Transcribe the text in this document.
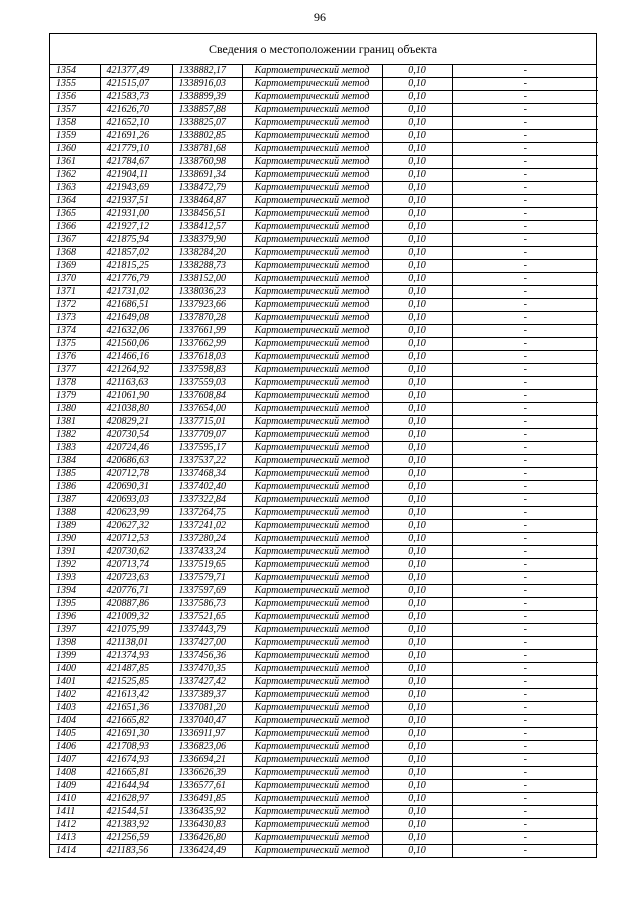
96
Сведения о местоположении границ объекта
1354	421377,49	1338882,17	Картометрический метод	0,10	-
1355	421515,07	1338916,03	Картометрический метод	0,10	-
1356	421583,73	1338899,39	Картометрический метод	0,10	-
1357	421626,70	1338857,88	Картометрический метод	0,10	-
1358	421652,10	1338825,07	Картометрический метод	0,10	-
1359	421691,26	1338802,85	Картометрический метод	0,10	-
1360	421779,10	1338781,68	Картометрический метод	0,10	-
1361	421784,67	1338760,98	Картометрический метод	0,10	-
1362	421904,11	1338691,34	Картометрический метод	0,10	-
1363	421943,69	1338472,79	Картометрический метод	0,10	-
1364	421937,51	1338464,87	Картометрический метод	0,10	-
1365	421931,00	1338456,51	Картометрический метод	0,10	-
1366	421927,12	1338412,57	Картометрический метод	0,10	-
1367	421875,94	1338379,90	Картометрический метод	0,10	-
1368	421857,02	1338284,20	Картометрический метод	0,10	-
1369	421815,25	1338288,73	Картометрический метод	0,10	-
1370	421776,79	1338152,00	Картометрический метод	0,10	-
1371	421731,02	1338036,23	Картометрический метод	0,10	-
1372	421686,51	1337923,66	Картометрический метод	0,10	-
1373	421649,08	1337870,28	Картометрический метод	0,10	-
1374	421632,06	1337661,99	Картометрический метод	0,10	-
1375	421560,06	1337662,99	Картометрический метод	0,10	-
1376	421466,16	1337618,03	Картометрический метод	0,10	-
1377	421264,92	1337598,83	Картометрический метод	0,10	-
1378	421163,63	1337559,03	Картометрический метод	0,10	-
1379	421061,90	1337608,84	Картометрический метод	0,10	-
1380	421038,80	1337654,00	Картометрический метод	0,10	-
1381	420829,21	1337715,01	Картометрический метод	0,10	-
1382	420730,54	1337709,07	Картометрический метод	0,10	-
1383	420724,46	1337595,17	Картометрический метод	0,10	-
1384	420686,63	1337537,22	Картометрический метод	0,10	-
1385	420712,78	1337468,34	Картометрический метод	0,10	-
1386	420690,31	1337402,40	Картометрический метод	0,10	-
1387	420693,03	1337322,84	Картометрический метод	0,10	-
1388	420623,99	1337264,75	Картометрический метод	0,10	-
1389	420627,32	1337241,02	Картометрический метод	0,10	-
1390	420712,53	1337280,24	Картометрический метод	0,10	-
1391	420730,62	1337433,24	Картометрический метод	0,10	-
1392	420713,74	1337519,65	Картометрический метод	0,10	-
1393	420723,63	1337579,71	Картометрический метод	0,10	-
1394	420776,71	1337597,69	Картометрический метод	0,10	-
1395	420887,86	1337586,73	Картометрический метод	0,10	-
1396	421009,32	1337521,65	Картометрический метод	0,10	-
1397	421075,99	1337443,79	Картометрический метод	0,10	-
1398	421138,01	1337427,00	Картометрический метод	0,10	-
1399	421374,93	1337456,36	Картометрический метод	0,10	-
1400	421487,85	1337470,35	Картометрический метод	0,10	-
1401	421525,85	1337427,42	Картометрический метод	0,10	-
1402	421613,42	1337389,37	Картометрический метод	0,10	-
1403	421651,36	1337081,20	Картометрический метод	0,10	-
1404	421665,82	1337040,47	Картометрический метод	0,10	-
1405	421691,30	1336911,97	Картометрический метод	0,10	-
1406	421708,93	1336823,06	Картометрический метод	0,10	-
1407	421674,93	1336694,21	Картометрический метод	0,10	-
1408	421665,81	1336626,39	Картометрический метод	0,10	-
1409	421644,94	1336577,61	Картометрический метод	0,10	-
1410	421628,97	1336491,85	Картометрический метод	0,10	-
1411	421544,51	1336435,92	Картометрический метод	0,10	-
1412	421383,92	1336430,83	Картометрический метод	0,10	-
1413	421256,59	1336426,80	Картометрический метод	0,10	-
1414	421183,56	1336424,49	Картометрический метод	0,10	-
